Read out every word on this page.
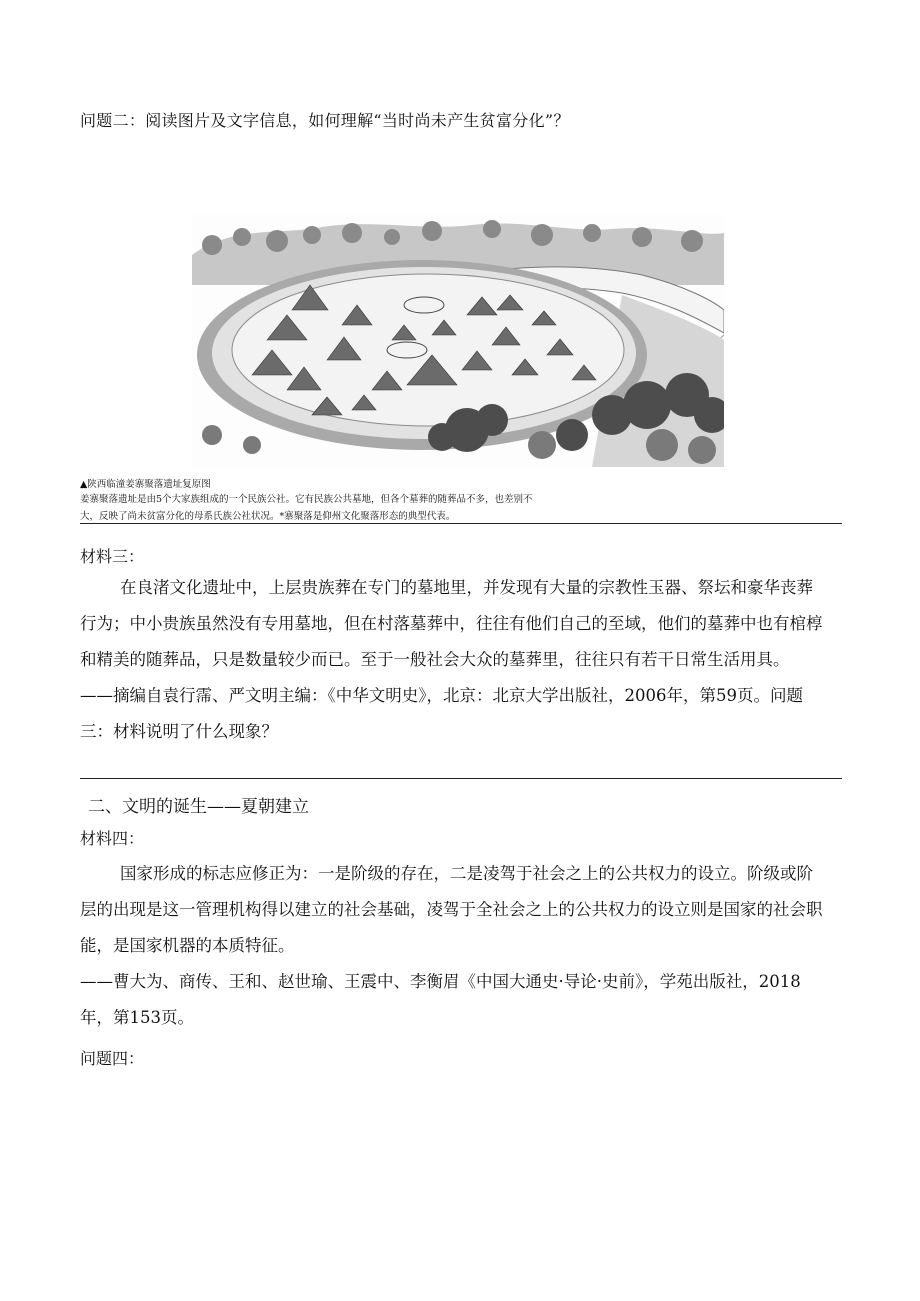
问题二：阅读图片及文字信息，如何理解“当时尚未产生贫富分化”？
▲陕西临潼姜寨聚落遗址复原图
姜寨聚落遗址是由5个大家族组成的一个民族公社。它有民族公共墓地，但各个墓葬的随葬品不多，也差别不
大，反映了尚未贫富分化的母系氏族公社状况。*寨聚落是仰州文化聚落形态的典型代表。
材料三：
在良渚文化遗址中，上层贵族葬在专门的墓地里，并发现有大量的宗教性玉器、祭坛和豪华丧葬
行为；中小贵族虽然没有专用墓地，但在村落墓葬中，往往有他们自己的至域，他们的墓葬中也有棺椁
和精美的随葬品，只是数量较少而已。至于一般社会大众的墓葬里，往往只有若干日常生活用具。
——摘编自袁行霈、严文明主编：《中华文明史》，北京：北京大学出版社，2006年，第59页。问题
三：材料说明了什么现象？
二、文明的诞生——夏朝建立
材料四：
国家形成的标志应修正为：一是阶级的存在，二是凌驾于社会之上的公共权力的设立。阶级或阶
层的出现是这一管理机构得以建立的社会基础，凌驾于全社会之上的公共权力的设立则是国家的社会职
能，是国家机器的本质特征。
——曹大为、商传、王和、赵世瑜、王震中、李衡眉《中国大通史·导论·史前》，学苑出版社，2018
年，第153页。
问题四：
